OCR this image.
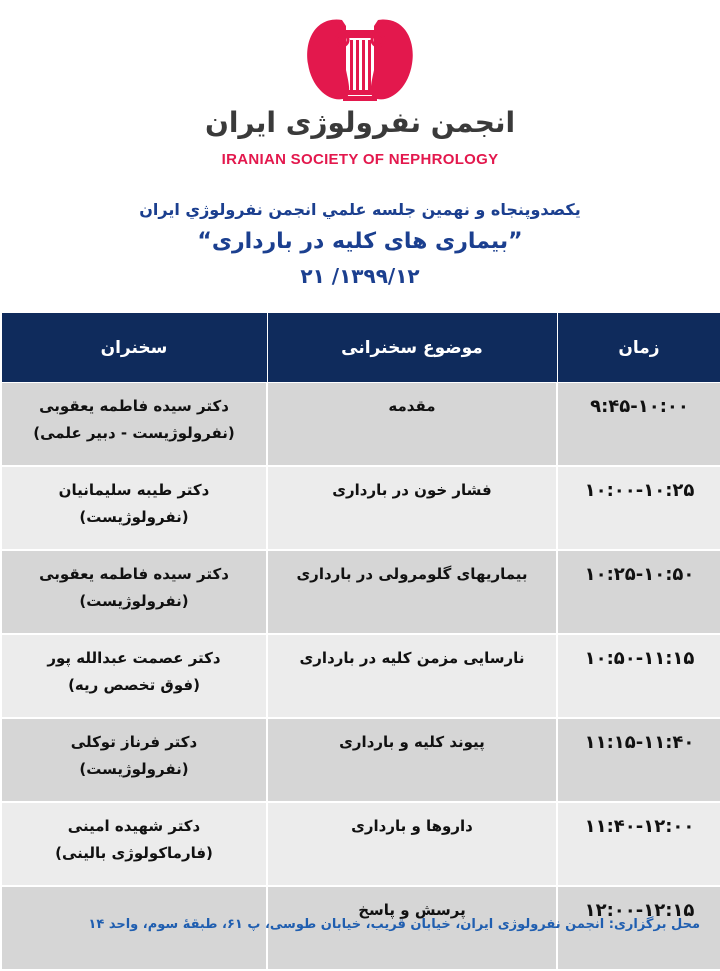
انجمن نفرولوژی ایران
IRANIAN SOCIETY OF NEPHROLOGY
يكصدوپنجاه و نهمين جلسه علمي انجمن نفرولوژي ايران
”بیماری های کلیه در بارداری“
۱۳۹۹/۱۲/ ۲۱
زمان	موضوع سخنرانی	سخنران
۹:۴۵-۱۰:۰۰	مقدمه	دکتر سیده فاطمه یعقوبی
(نفرولوژیست - دبیر علمی)
۱۰:۰۰-۱۰:۲۵	فشار خون در بارداری	دکتر طیبه سلیمانیان
(نفرولوژیست)
۱۰:۲۵-۱۰:۵۰	بیماریهای گلومرولی در بارداری	دکتر سیده فاطمه یعقوبی
(نفرولوژیست)
۱۰:۵۰-۱۱:۱۵	نارسایی مزمن کلیه در بارداری	دکتر عصمت عبدالله پور
(فوق تخصص ریه)
۱۱:۱۵-۱۱:۴۰	پیوند کلیه و بارداری	دکتر فرناز توکلی
(نفرولوژیست)
۱۱:۴۰-۱۲:۰۰	داروها و بارداری	دکتر شهیده امینی
(فارماکولوژی بالینی)
۱۲:۰۰-۱۲:۱۵	پرسش و پاسخ	
محل برگزاری: انجمن نفرولوژی ایران، خیابان قریب، خیابان طوسی، پ ۶۱، طبقهٔ سوم، واحد ۱۴
